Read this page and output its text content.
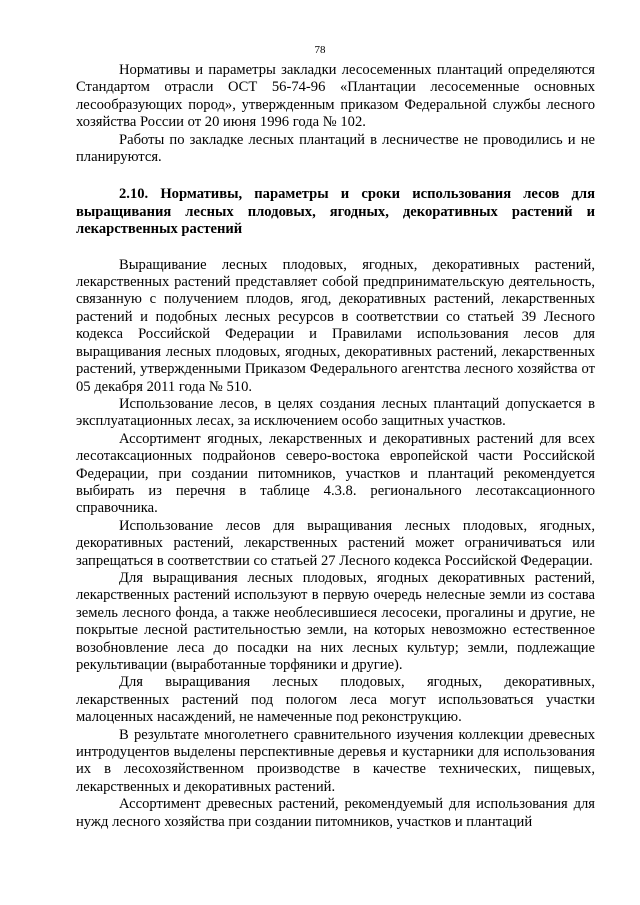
78

Нормативы и параметры закладки лесосеменных плантаций определяются Стандартом отрасли ОСТ 56-74-96 «Плантации лесосеменные основных лесообразующих пород», утвержденным приказом Федеральной службы лесного хозяйства России от 20 июня 1996 года № 102.

Работы по закладке лесных плантаций в лесничестве не проводились и не планируются.

2.10. Нормативы, параметры и сроки использования лесов для выращивания лесных плодовых, ягодных, декоративных растений и лекарственных растений

Выращивание лесных плодовых, ягодных, декоративных растений, лекарственных растений представляет собой предпринимательскую деятельность, связанную с получением плодов, ягод, декоративных растений, лекарственных растений и подобных лесных ресурсов в соответствии со статьей 39 Лесного кодекса Российской Федерации и Правилами использования лесов для выращивания лесных плодовых, ягодных, декоративных растений, лекарственных растений, утвержденными Приказом Федерального агентства лесного хозяйства от 05 декабря 2011 года № 510.

Использование лесов, в целях создания лесных плантаций допускается в эксплуатационных лесах, за исключением особо защитных участков.

Ассортимент ягодных, лекарственных и декоративных растений для всех лесотаксационных подрайонов северо-востока европейской части Российской Федерации, при создании питомников, участков и плантаций рекомендуется выбирать из перечня в таблице 4.3.8. регионального лесотаксационного справочника.

Использование лесов для выращивания лесных плодовых, ягодных, декоративных растений, лекарственных растений может ограничиваться или запрещаться в соответствии со статьей 27 Лесного кодекса Российской Федерации.

Для выращивания лесных плодовых, ягодных декоративных растений, лекарственных растений используют в первую очередь нелесные земли из состава земель лесного фонда, а также необлесившиеся лесосеки, прогалины и другие, не покрытые лесной растительностью земли, на которых невозможно естественное возобновление леса до посадки на них лесных культур; земли, подлежащие рекультивации (выработанные торфяники и другие).

Для выращивания лесных плодовых, ягодных, декоративных, лекарственных растений под пологом леса могут использоваться участки малоценных насаждений, не намеченные под реконструкцию.

В результате многолетнего сравнительного изучения коллекции древесных интродуцентов выделены перспективные деревья и кустарники для использования их в лесохозяйственном производстве в качестве технических, пищевых, лекарственных и декоративных растений.

Ассортимент древесных растений, рекомендуемый для использования для нужд лесного хозяйства при создании питомников, участков и плантаций
